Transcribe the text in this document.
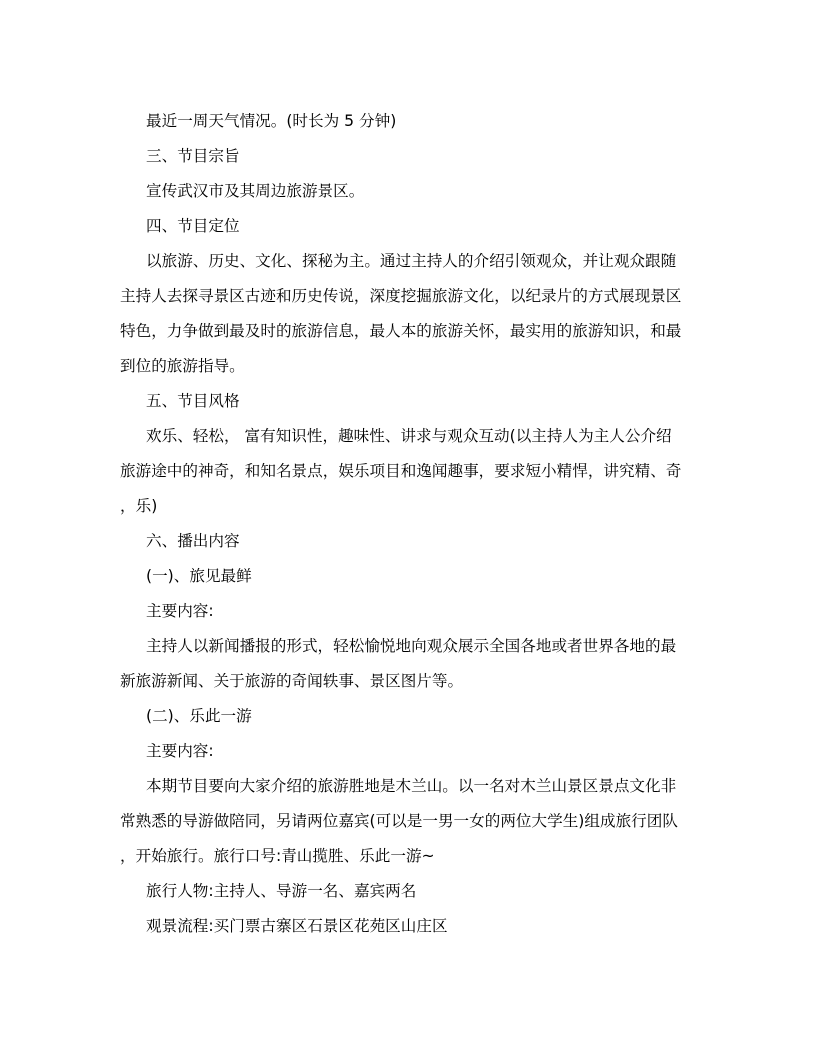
最近一周天气情况。(时长为 5 分钟)
三、节目宗旨
宣传武汉市及其周边旅游景区。
四、节目定位
以旅游、历史、文化、探秘为主。通过主持人的介绍引领观众，并让观众跟随
主持人去探寻景区古迹和历史传说，深度挖掘旅游文化，以纪录片的方式展现景区
特色，力争做到最及时的旅游信息，最人本的旅游关怀，最实用的旅游知识，和最
到位的旅游指导。
五、节目风格
欢乐、轻松， 富有知识性，趣味性、讲求与观众互动(以主持人为主人公介绍
旅游途中的神奇，和知名景点，娱乐项目和逸闻趣事，要求短小精悍，讲究精、奇
，乐)
六、播出内容
(一)、旅见最鲜
主要内容:
主持人以新闻播报的形式，轻松愉悦地向观众展示全国各地或者世界各地的最
新旅游新闻、关于旅游的奇闻轶事、景区图片等。
(二)、乐此一游
主要内容:
本期节目要向大家介绍的旅游胜地是木兰山。以一名对木兰山景区景点文化非
常熟悉的导游做陪同，另请两位嘉宾(可以是一男一女的两位大学生)组成旅行团队
，开始旅行。旅行口号:青山揽胜、乐此一游~
旅行人物:主持人、导游一名、嘉宾两名
观景流程:买门票古寨区石景区花苑区山庄区
